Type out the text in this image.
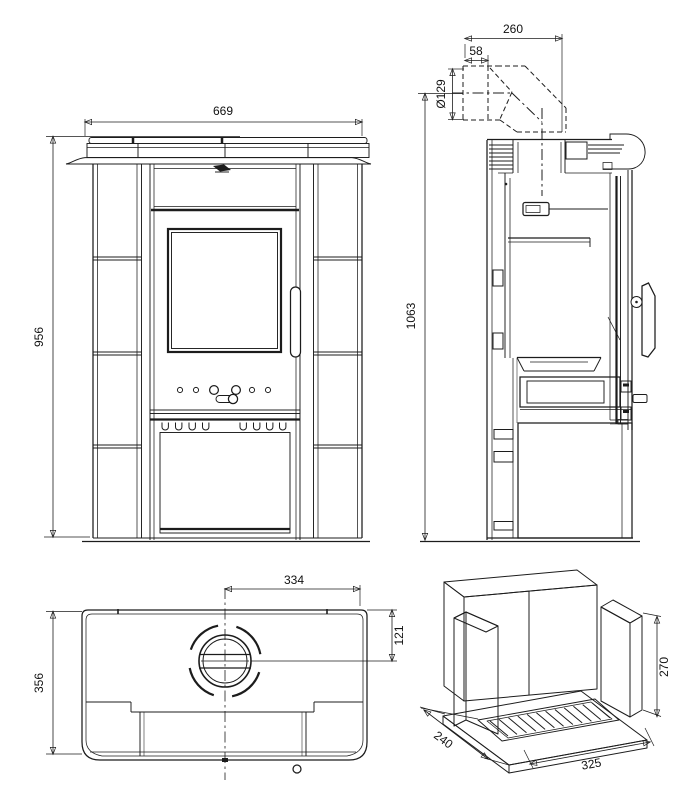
669
956
260
58
Ø129
1063
334
121
356
270
240
325
